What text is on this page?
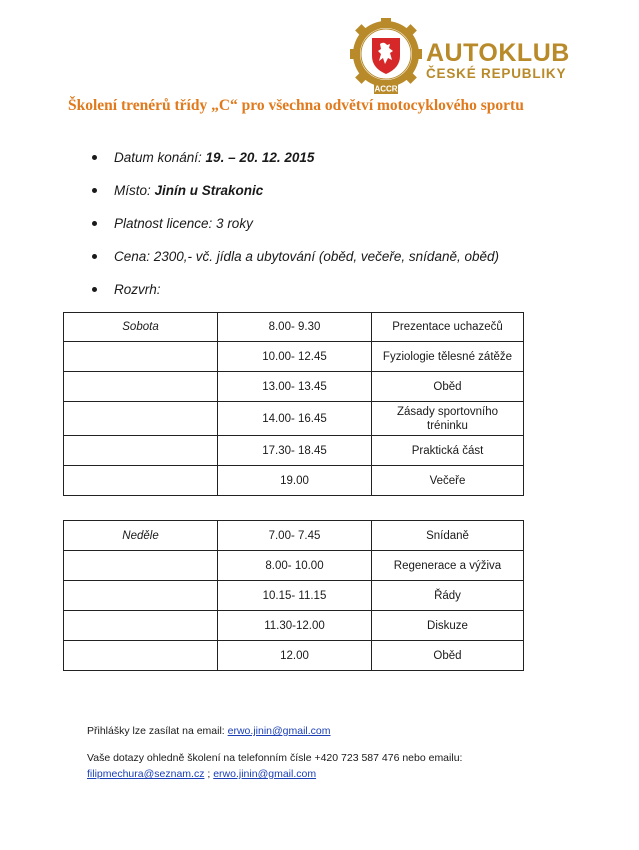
ACCR
AUTOKLUB
ČESKÉ REPUBLIKY
Školení trenérů třídy „C“ pro všechna odvětví motocyklového sportu
Datum konání: 19. – 20. 12. 2015
Místo: Jinín u Strakonic
Platnost licence: 3 roky
Cena: 2300,- vč. jídla a ubytování (oběd, večeře, snídaně, oběd)
Rozvrh:
Sobota	8.00- 9.30	Prezentace uchazečů
	10.00- 12.45	Fyziologie tělesné zátěže
	13.00- 13.45	Oběd
	14.00- 16.45	Zásady sportovního tréninku
	17.30- 18.45	Praktická část
	19.00	Večeře
Neděle	7.00- 7.45	Snídaně
	8.00- 10.00	Regenerace a výživa
	10.15- 11.15	Řády
	11.30-12.00	Diskuze
	12.00	Oběd
Přihlášky lze zasílat na email: erwo.jinin@gmail.com
Vaše dotazy ohledně školení na telefonním čísle +420 723 587 476 nebo emailu:
filipmechura@seznam.cz ; erwo.jinin@gmail.com
